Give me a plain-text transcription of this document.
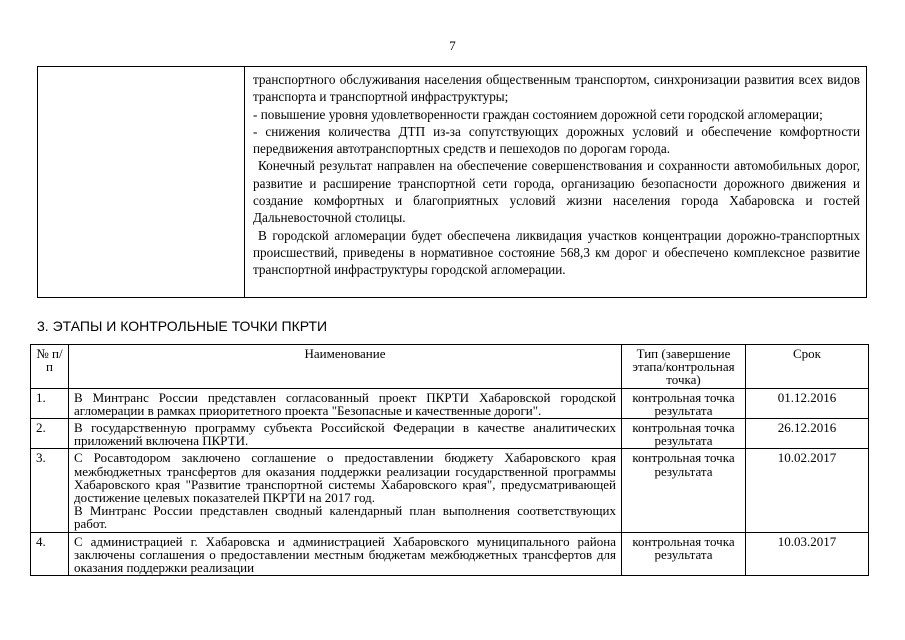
7

транспортного обслуживания населения общественным транспортом, синхронизации развития всех видов транспорта и транспортной инфраструктуры;

- повышение уровня удовлетворенности граждан состоянием дорожной сети городской агломерации;

- снижения количества ДТП из-за сопутствующих дорожных условий и обеспечение комфортности передвижения автотранспортных средств и пешеходов по дорогам города.

Конечный результат направлен на обеспечение совершенствования и сохранности автомобильных дорог, развитие и расширение транспортной сети города, организацию безопасности дорожного движения и создание комфортных и благоприятных условий жизни населения города Хабаровска и гостей Дальневосточной столицы.

В городской агломерации будет обеспечена ликвидация участков концентрации дорожно-транспортных происшествий, приведены в нормативное состояние 568,3 км дорог и обеспечено комплексное развитие транспортной инфраструктуры городской агломерации.

3. ЭТАПЫ И КОНТРОЛЬНЫЕ ТОЧКИ ПКРТИ
№ п/п	Наименование	Тип (завершение этапа/контрольная точка)	Срок
1.	В Минтранс России представлен согласованный проект ПКРТИ Хабаровской городской агломерации в рамках приоритетного проекта "Безопасные и качественные дороги".	контрольная точка результата	01.12.2016
2.	В государственную программу субъекта Российской Федерации в качестве аналитических приложений включена ПКРТИ.	контрольная точка результата	26.12.2016
3.	С Росавтодором заключено соглашение о предоставлении бюджету Хабаровского края межбюджетных трансфертов для оказания поддержки реализации государственной программы Хабаровского края "Развитие транспортной системы Хабаровского края", предусматривающей достижение целевых показателей ПКРТИ на 2017 год.

В Минтранс России представлен сводный календарный план выполнения соответствующих работ.	контрольная точка результата	10.02.2017
4.	С администрацией г. Хабаровска и администрацией Хабаровского муниципального района заключены соглашения о предоставлении местным бюджетам межбюджетных трансфертов для оказания поддержки реализации	контрольная точка результата	10.03.2017
